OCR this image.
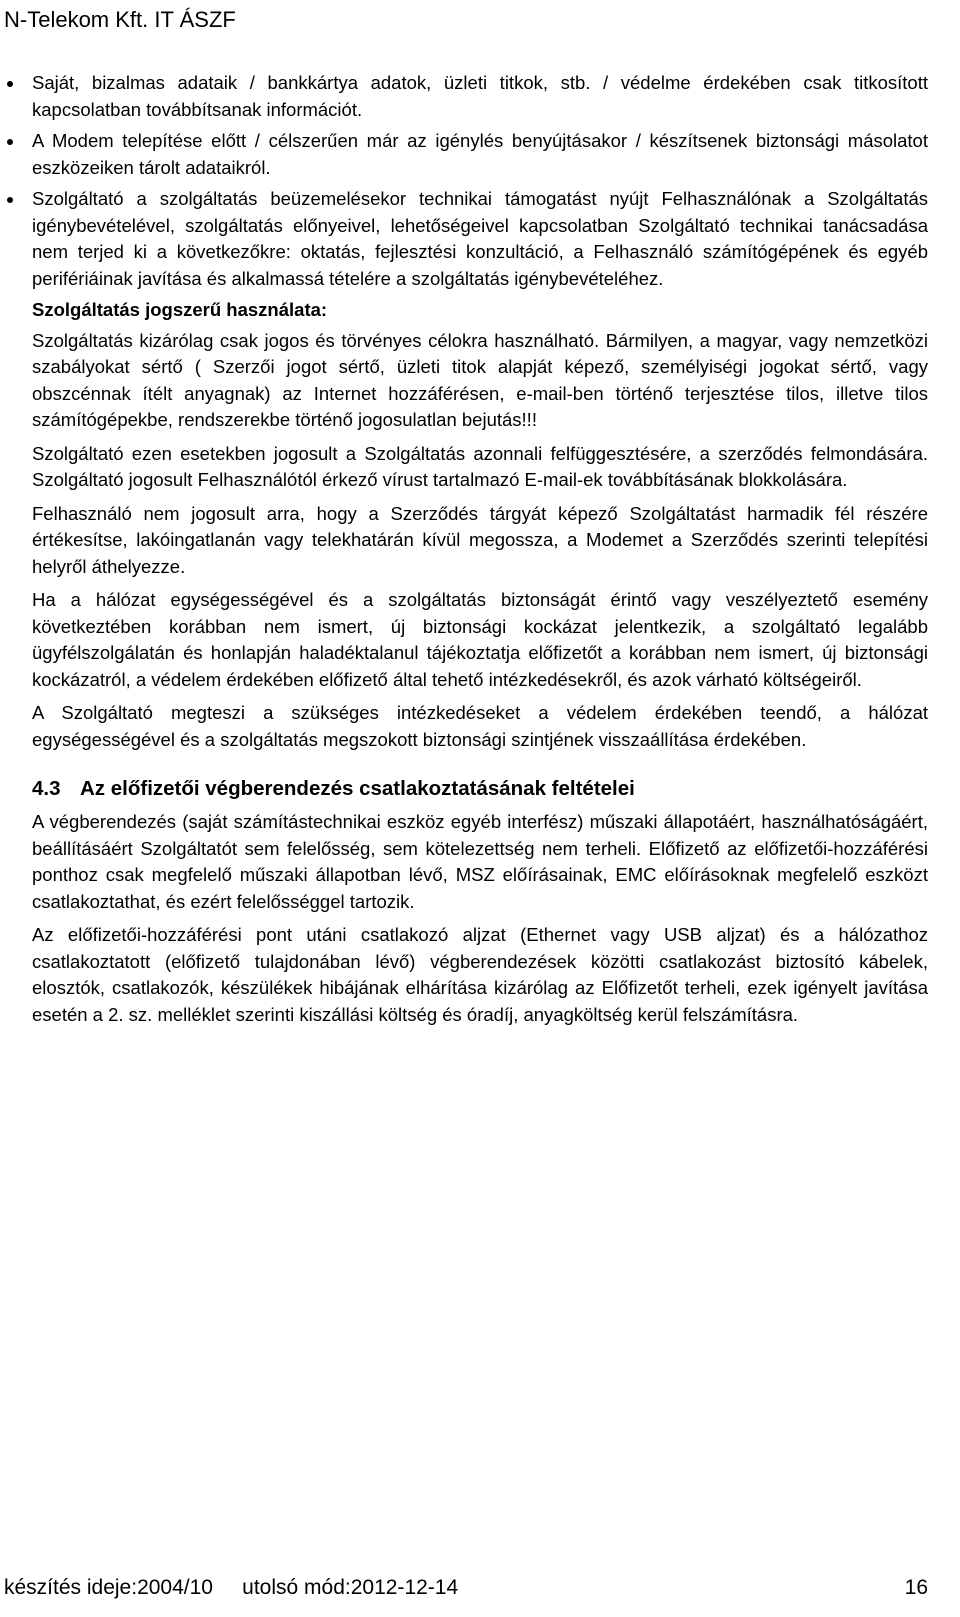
N-Telekom Kft. IT ÁSZF
Saját, bizalmas adataik / bankkártya adatok, üzleti titkok, stb. / védelme érdekében csak titkosított kapcsolatban továbbítsanak információt.
A Modem telepítése előtt / célszerűen már az igénylés benyújtásakor / készítsenek biztonsági másolatot eszközeiken tárolt adataikról.
Szolgáltató a szolgáltatás beüzemelésekor technikai támogatást nyújt Felhasználónak a Szolgáltatás igénybevételével, szolgáltatás előnyeivel, lehetőségeivel kapcsolatban Szolgáltató technikai tanácsadása nem terjed ki a következőkre: oktatás, fejlesztési konzultáció, a Felhasználó számítógépének és egyéb perifériáinak javítása és alkalmassá tételére a szolgáltatás igénybevételéhez.
Szolgáltatás jogszerű használata:

Szolgáltatás kizárólag csak jogos és törvényes célokra használható. Bármilyen, a magyar, vagy nemzetközi szabályokat sértő ( Szerzői jogot sértő, üzleti titok alapját képező, személyiségi jogokat sértő, vagy obszcénnak ítélt anyagnak) az Internet hozzáférésen, e-mail-ben történő terjesztése tilos, illetve tilos számítógépekbe, rendszerekbe történő jogosulatlan bejutás!!!

Szolgáltató ezen esetekben jogosult a Szolgáltatás azonnali felfüggesztésére, a szerződés felmondására. Szolgáltató jogosult Felhasználótól érkező vírust tartalmazó E-mail-ek továbbításának blokkolására.

Felhasználó nem jogosult arra, hogy a Szerződés tárgyát képező Szolgáltatást harmadik fél részére értékesítse, lakóingatlanán vagy telekhatárán kívül megossza, a Modemet a Szerződés szerinti telepítési helyről áthelyezze.

Ha a hálózat egységességével és a szolgáltatás biztonságát érintő vagy veszélyeztető esemény következtében korábban nem ismert, új biztonsági kockázat jelentkezik, a szolgáltató legalább ügyfélszolgálatán és honlapján haladéktalanul tájékoztatja előfizetőt a korábban nem ismert, új biztonsági kockázatról, a védelem érdekében előfizető által tehető intézkedésekről, és azok várható költségeiről.

A Szolgáltató megteszi a szükséges intézkedéseket a védelem érdekében teendő, a hálózat egységességével és a szolgáltatás megszokott biztonsági szintjének visszaállítása érdekében.

4.3 Az előfizetői végberendezés csatlakoztatásának feltételei

A végberendezés (saját számítástechnikai eszköz egyéb interfész) műszaki állapotáért, használhatóságáért, beállításáért Szolgáltatót sem felelősség, sem kötelezettség nem terheli. Előfizető az előfizetői-hozzáférési ponthoz csak megfelelő műszaki állapotban lévő, MSZ előírásainak, EMC előírásoknak megfelelő eszközt csatlakoztathat, és ezért felelősséggel tartozik.

Az előfizetői-hozzáférési pont utáni csatlakozó aljzat (Ethernet vagy USB aljzat) és a hálózathoz csatlakoztatott (előfizető tulajdonában lévő) végberendezések közötti csatlakozást biztosító kábelek, elosztók, csatlakozók, készülékek hibájának elhárítása kizárólag az Előfizetőt terheli, ezek igényelt javítása esetén a 2. sz. melléklet szerinti kiszállási költség és óradíj, anyagköltség kerül felszámításra.

készítés ideje:2004/10 utolsó mód:2012-12-14	16
